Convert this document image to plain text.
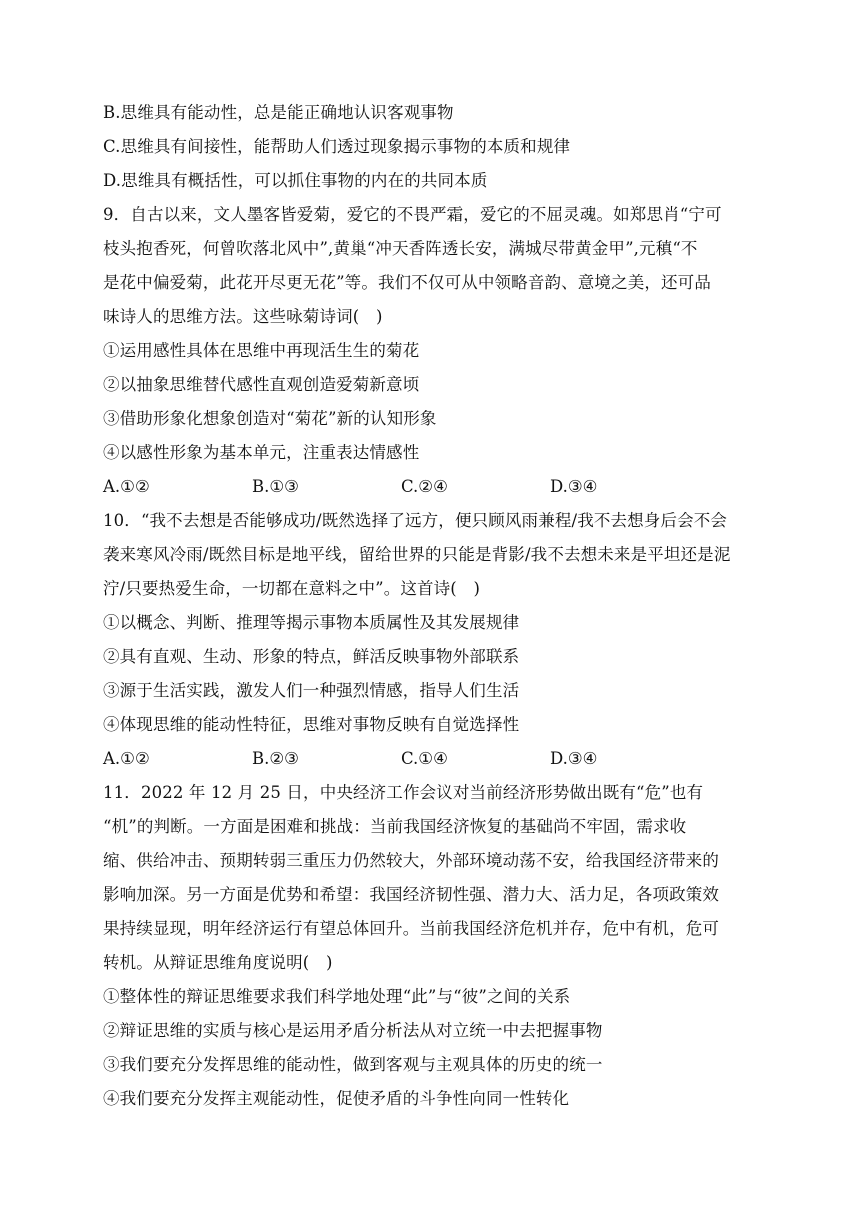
B.思维具有能动性，总是能正确地认识客观事物
C.思维具有间接性，能帮助人们透过现象揭示事物的本质和规律
D.思维具有概括性，可以抓住事物的内在的共同本质
9．自古以来，文人墨客皆爱菊，爱它的不畏严霜，爱它的不屈灵魂。如郑思肖“宁可
枝头抱香死，何曾吹落北风中”,黄巢“冲天香阵透长安，满城尽带黄金甲”,元稹“不
是花中偏爱菊，此花开尽更无花”等。我们不仅可从中领略音韵、意境之美，还可品
味诗人的思维方法。这些咏菊诗词(　)
①运用感性具体在思维中再现活生生的菊花
②以抽象思维替代感性直观创造爱菊新意顷
③借助形象化想象创造对“菊花”新的认知形象
④以感性形象为基本单元，注重表达情感性
A.①②	B.①③	C.②④	D.③④
10．“我不去想是否能够成功/既然选择了远方，便只顾风雨兼程/我不去想身后会不会
袭来寒风冷雨/既然目标是地平线，留给世界的只能是背影/我不去想未来是平坦还是泥
泞/只要热爱生命，一切都在意料之中”。这首诗(　)
①以概念、判断、推理等揭示事物本质属性及其发展规律
②具有直观、生动、形象的特点，鲜活反映事物外部联系
③源于生活实践，激发人们一种强烈情感，指导人们生活
④体现思维的能动性特征，思维对事物反映有自觉选择性
A.①②	B.②③	C.①④	D.③④
11．2022 年 12 月 25 日，中央经济工作会议对当前经济形势做出既有“危”也有
“机”的判断。一方面是困难和挑战：当前我国经济恢复的基础尚不牢固，需求收
缩、供给冲击、预期转弱三重压力仍然较大，外部环境动荡不安，给我国经济带来的
影响加深。另一方面是优势和希望：我国经济韧性强、潜力大、活力足，各项政策效
果持续显现，明年经济运行有望总体回升。当前我国经济危机并存，危中有机，危可
转机。从辩证思维角度说明(　)
①整体性的辩证思维要求我们科学地处理“此”与“彼”之间的关系
②辩证思维的实质与核心是运用矛盾分析法从对立统一中去把握事物
③我们要充分发挥思维的能动性，做到客观与主观具体的历史的统一
④我们要充分发挥主观能动性，促使矛盾的斗争性向同一性转化
